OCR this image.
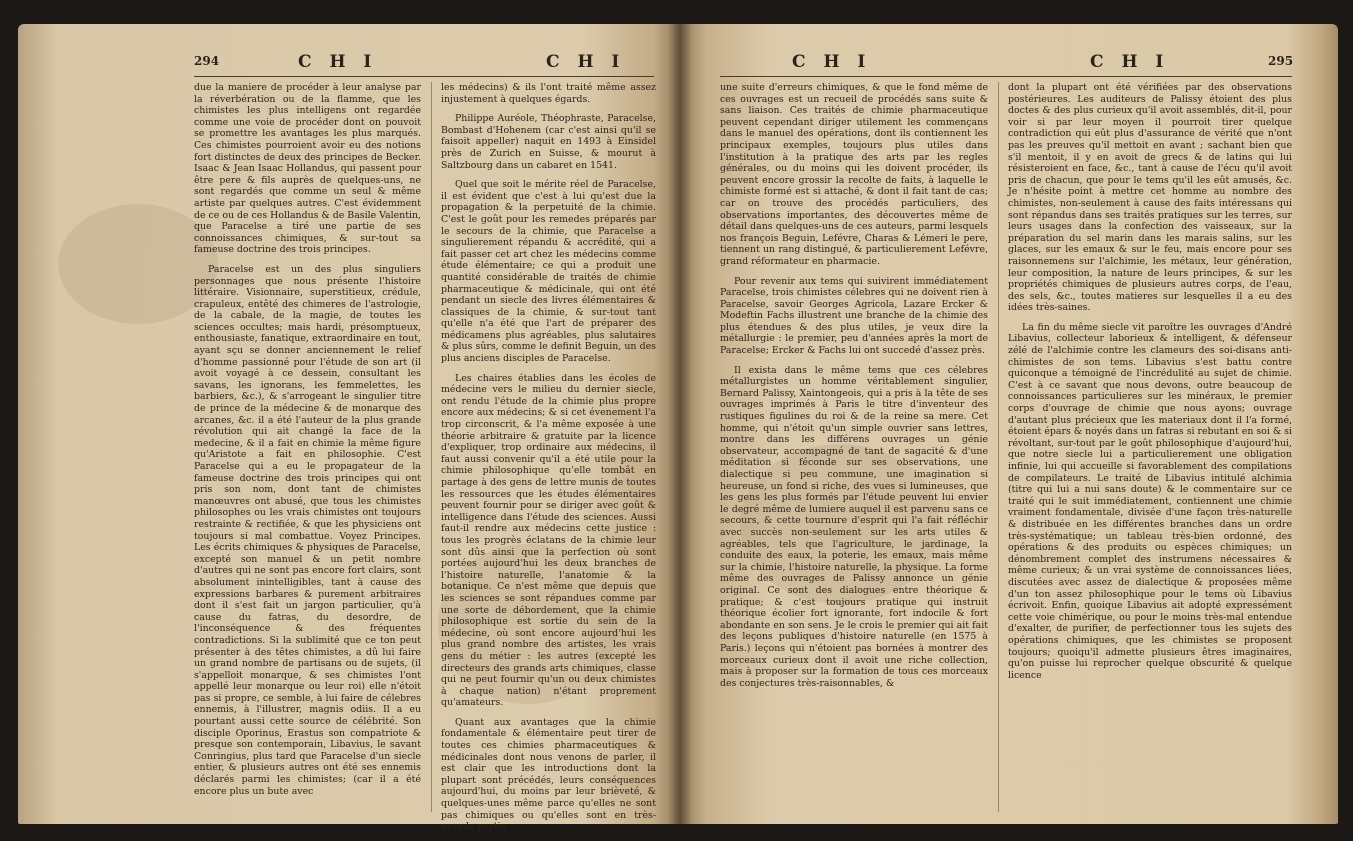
294	C H I	C H I

due la maniere de procéder à leur analyse par la réverbération ou de la flamme, que les chimistes les plus intelligens ont regardée comme une voie de procéder dont on pouvoit se promettre les avantages les plus marqués. Ces chimistes pourroient avoir eu des notions fort distinctes de deux des principes de Becker. Isaac & Jean Isaac Hollandus, qui passent pour être pere & fils auprès de quelques-uns, ne sont regardés que comme un seul & même artiste par quelques autres. C'est évidemment de ce ou de ces Hollandus & de Basile Valentin, que Paracelse a tiré une partie de ses connoissances chimiques, & sur-tout sa fameuse doctrine des trois principes.

Paracelse est un des plus singuliers personnages que nous présente l'histoire littéraire. Visionnaire, superstitieux, crédule, crapuleux, entêté des chimeres de l'astrologie, de la cabale, de la magie, de toutes les sciences occultes; mais hardi, présomptueux, enthousiaste, fanatique, extraordinaire en tout, ayant sçu se donner anciennement le relief d'homme passionné pour l'étude de son art (il avoit voyagé à ce dessein, consultant les savans, les ignorans, les femmelettes, les barbiers, &c.), & s'arrogeant le singulier titre de prince de la médecine & de monarque des arcanes, &c. il a été l'auteur de la plus grande révolution qui ait changé la face de la medecine, & il a fait en chimie la même figure qu'Aristote a fait en philosophie. C'est Paracelse qui a eu le propagateur de la fameuse doctrine des trois principes qui ont pris son nom, dont tant de chimistes manœuvres ont abusé, que tous les chimistes philosophes ou les vrais chimistes ont toujours restrainte & rectifiée, & que les physiciens ont toujours si mal combattue. Voyez Principes. Les écrits chimiques & physiques de Paracelse, excepté son manuel & un petit nombre d'autres qui ne sont pas encore fort clairs, sont absolument inintelligibles, tant à cause des expressions barbares & purement arbitraires dont il s'est fait un jargon particulier, qu'à cause du fatras, du desordre, de l'inconséquence & des fréquentes contradictions. Si la sublimité que ce ton peut présenter à des têtes chimistes, a dû lui faire un grand nombre de partisans ou de sujets, (il s'appelloit monarque, & ses chimistes l'ont appellé leur monarque ou leur roi) elle n'étoit pas si propre, ce semble, à lui faire de célebres ennemis, à l'illustrer, magnis odiis. Il a eu pourtant aussi cette source de célébrité. Son disciple Oporinus, Erastus son compatriote & presque son contemporain, Libavius, le savant Conringius, plus tard que Paracelse d'un siecle entier, & plusieurs autres ont été ses ennemis déclarés parmi les chimistes; (car il a été encore plus un bute avec

les médecins) & ils l'ont traité même assez injustement à quelques égards.

Philippe Auréole, Théophraste, Paracelse, Bombast d'Hohenem (car c'est ainsi qu'il se faisoit appeller) naquit en 1493 à Einsidel près de Zurich en Suisse, & mourut à Saltzbourg dans un cabaret en 1541.

Quel que soit le mérite réel de Paracelse, il est évident que c'est à lui qu'est due la propagation & la perpetuité de la chimie. C'est le goût pour les remedes préparés par le secours de la chimie, que Paracelse a singulierement répandu & accrédité, qui a fait passer cet art chez les médecins comme étude élémentaire; ce qui a produit une quantité considérable de traités de chimie pharmaceutique & médicinale, qui ont été pendant un siecle des livres élémentaires & classiques de la chimie, & sur-tout tant qu'elle n'a été que l'art de préparer des médicamens plus agréables, plus salutaires & plus sûrs, comme le definit Beguin, un des plus anciens disciples de Paracelse.

Les chaires établies dans les écoles de médecine vers le milieu du dernier siecle, ont rendu l'étude de la chimie plus propre encore aux médecins; & si cet évenement l'a trop circonscrit, & l'a même exposée à une théorie arbitraire & gratuite par la licence d'expliquer, trop ordinaire aux médecins, il faut aussi convenir qu'il a été utile pour la chimie philosophique qu'elle tombât en partage à des gens de lettre munis de toutes les ressources que les études élémentaires peuvent fournir pour se diriger avec goût & intelligence dans l'étude des sciences. Aussi faut-il rendre aux médecins cette justice : tous les progrès éclatans de la chimie leur sont dûs ainsi que la perfection où sont portées aujourd'hui les deux branches de l'histoire naturelle, l'anatomie & la botanique. Ce n'est même que depuis que les sciences se sont répandues comme par une sorte de débordement, que la chimie philosophique est sortie du sein de la médecine, où sont encore aujourd'hui les plus grand nombre des artistes, les vrais gens du métier : les autres (excepté les directeurs des grands arts chimiques, classe qui ne peut fournir qu'un ou deux chimistes à chaque nation) n'étant proprement qu'amateurs.

Quant aux avantages que la chimie fondamentale & élémentaire peut tirer de toutes ces chimies pharmaceutiques & médicinales dont nous venons de parler, il est clair que les introductions dont la plupart sont précédés, leurs conséquences aujourd'hui, du moins par leur brièveté, & quelques-unes même parce qu'elles ne sont pas chimiques ou qu'elles sont en très-grande partie

C H I	C H I	295

une suite d'erreurs chimiques, & que le fond même de ces ouvrages est un recueil de procédés sans suite & sans liaison. Ces traités de chimie pharmaceutique peuvent cependant diriger utilement les commençans dans le manuel des opérations, dont ils contiennent les principaux exemples, toujours plus utiles dans l'institution à la pratique des arts par les regles générales, ou du moins qui les doivent procéder, ils peuvent encore grossir la recolte de faits, à laquelle le chimiste formé est si attaché, & dont il fait tant de cas; car on trouve des procédés particuliers, des observations importantes, des découvertes même de détail dans quelques-uns de ces auteurs, parmi lesquels nos françois Beguin, Lefévre, Charas & Lémeri le pere, tiennent un rang distingué, & particulierement Lefévre, grand réformateur en pharmacie.

Pour revenir aux tems qui suivirent immédiatement Paracelse, trois chimistes célebres qui ne doivent rien à Paracelse, savoir Georges Agricola, Lazare Ercker & Modeftin Fachs illustrent une branche de la chimie des plus étendues & des plus utiles, je veux dire la métallurgie : le premier, peu d'années après la mort de Paracelse; Ercker & Fachs lui ont succedé d'assez près.

Il exista dans le même tems que ces célebres métallurgistes un homme véritablement singulier, Bernard Palissy, Xaintongeois, qui a pris à la tête de ses ouvrages imprimés à Paris le titre d'inventeur des rustiques figulines du roi & de la reine sa mere. Cet homme, qui n'étoit qu'un simple ouvrier sans lettres, montre dans les différens ouvrages un génie observateur, accompagné de tant de sagacité & d'une méditation si féconde sur ses observations, une dialectique si peu commune, une imagination si heureuse, un fond si riche, des vues si lumineuses, que les gens les plus formés par l'étude peuvent lui envier le degré même de lumiere auquel il est parvenu sans ce secours, & cette tournure d'esprit qui l'a fait réfléchir avec succès non-seulement sur les arts utiles & agréables, tels que l'agriculture, le jardinage, la conduite des eaux, la poterie, les emaux, mais même sur la chimie, l'histoire naturelle, la physique. La forme même des ouvrages de Palissy annonce un génie original. Ce sont des dialogues entre théorique & pratique; & c'est toujours pratique qui instruit théorique écolier fort ignorante, fort indocile & fort abondante en son sens. Je le crois le premier qui ait fait des leçons publiques d'histoire naturelle (en 1575 à Paris.) leçons qui n'étoient pas bornées à montrer des morceaux curieux dont il avoit une riche collection, mais à proposer sur la formation de tous ces morceaux des conjectures très-raisonnables, &

dont la plupart ont été vérifiées par des observations postérieures. Les auditeurs de Palissy étoient des plus doctes & des plus curieux qu'il avoit assemblés, dit-il, pour voir si par leur moyen il pourroit tirer quelque contradiction qui eût plus d'assurance de vérité que n'ont pas les preuves qu'il mettoit en avant ; sachant bien que s'il mentoit, il y en avoit de grecs & de latins qui lui résisteroient en face, &c., tant à cause de l'écu qu'il avoit pris de chacun, que pour le tems qu'il les eût amusés, &c. Je n'hésite point à mettre cet homme au nombre des chimistes, non-seulement à cause des faits intéressans qui sont répandus dans ses traités pratiques sur les terres, sur leurs usages dans la confection des vaisseaux, sur la préparation du sel marin dans les marais salins, sur les glaces, sur les emaux & sur le feu, mais encore pour ses raisonnemens sur l'alchimie, les métaux, leur génération, leur composition, la nature de leurs principes, & sur les propriétés chimiques de plusieurs autres corps, de l'eau, des sels, &c., toutes matieres sur lesquelles il a eu des idées très-saines.

La fin du même siecle vit paroître les ouvrages d'André Libavius, collecteur laborieux & intelligent, & défenseur zélé de l'alchimie contre les clameurs des soi-disans anti-chimistes de son tems. Libavius s'est battu contre quiconque a témoigné de l'incrédulité au sujet de chimie. C'est à ce savant que nous devons, outre beaucoup de connoissances particulieres sur les minéraux, le premier corps d'ouvrage de chimie que nous ayons; ouvrage d'autant plus précieux que les materiaux dont il l'a formé, étoient épars & noyés dans un fatras si rebutant en soi & si révoltant, sur-tout par le goût philosophique d'aujourd'hui, que notre siecle lui a particulierement une obligation infinie, lui qui accueille si favorablement des compilations de compilateurs. Le traité de Libavius intitulé alchimia (titre qui lui a nui sans doute) & le commentaire sur ce traité qui le suit immédiatement, contiennent une chimie vraiment fondamentale, divisée d'une façon très-naturelle & distribuée en les différentes branches dans un ordre très-systématique; un tableau très-bien ordonné, des opérations & des produits ou espèces chimiques; un dénombrement complet des instrumens nécessaires & même curieux; & un vrai système de connoissances liées, discutées avec assez de dialectique & proposées même d'un ton assez philosophique pour le tems où Libavius écrivoit. Enfin, quoique Libavius ait adopté expressément cette voie chimérique, ou pour le moins très-mal entendue d'exalter, de purifier, de perfectionner tous les sujets des opérations chimiques, que les chimistes se proposent toujours; quoiqu'il admette plusieurs êtres imaginaires, qu'on puisse lui reprocher quelque obscurité & quelque licence
